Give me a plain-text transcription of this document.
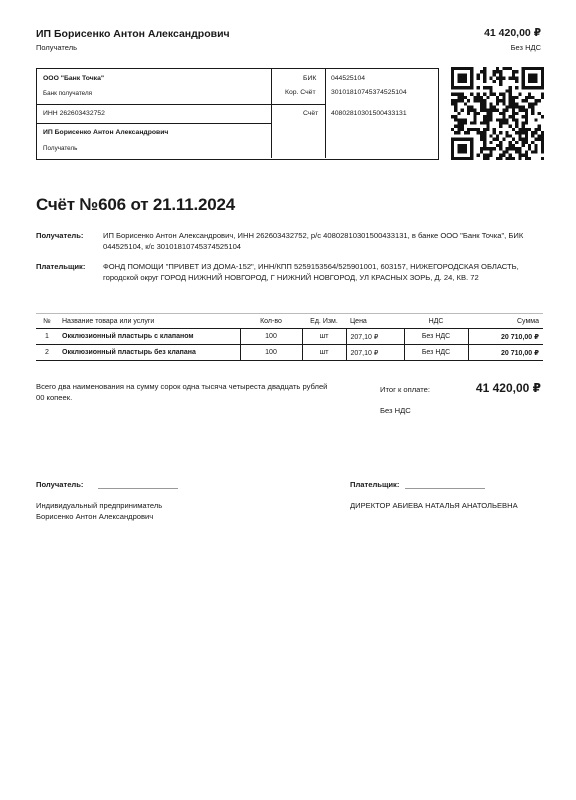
ИП Борисенко Антон Александрович
Получатель
41 420,00 ₽
Без НДС
ООО "Банк Точка"
Банк получателя
БИК 044525104
Кор. Счёт 30101810745374525104
ИНН 262603432752	Счёт 40802810301500433131
ИП Борисенко Антон Александрович
Получатель
Счёт №606 от 21.11.2024
Получатель:	ИП Борисенко Антон Александрович, ИНН 262603432752, р/с 40802810301500433131, в банке ООО "Банк Точка", БИК 044525104, к/с 30101810745374525104
Плательщик: ФОНД ПОМОЩИ "ПРИВЕТ ИЗ ДОМА-152", ИНН/КПП 5259153564/525901001, 603157, НИЖЕГОРОДСКАЯ ОБЛАСТЬ, городской округ ГОРОД НИЖНИЙ НОВГОРОД, Г НИЖНИЙ НОВГОРОД, УЛ КРАСНЫХ ЗОРЬ, Д. 24, КВ. 72
№	Название товара или услуги	Кол-во	Ед. Изм.	Цена	НДС	Сумма
1	Окклюзионный пластырь с клапаном	100	шт	207,10 ₽	Без НДС	20 710,00 ₽
2	Окклюзионный пластырь без клапана	100	шт	207,10 ₽	Без НДС	20 710,00 ₽
Всего два наименования на сумму сорок одна тысяча четыреста двадцать рублей 00 копеек.
Итог к оплате:	41 420,00 ₽
Без НДС
Получатель:
Индивидуальный предприниматель Борисенко Антон Александрович
Плательщик:
ДИРЕКТОР АБИЕВА НАТАЛЬЯ АНАТОЛЬЕВНА
